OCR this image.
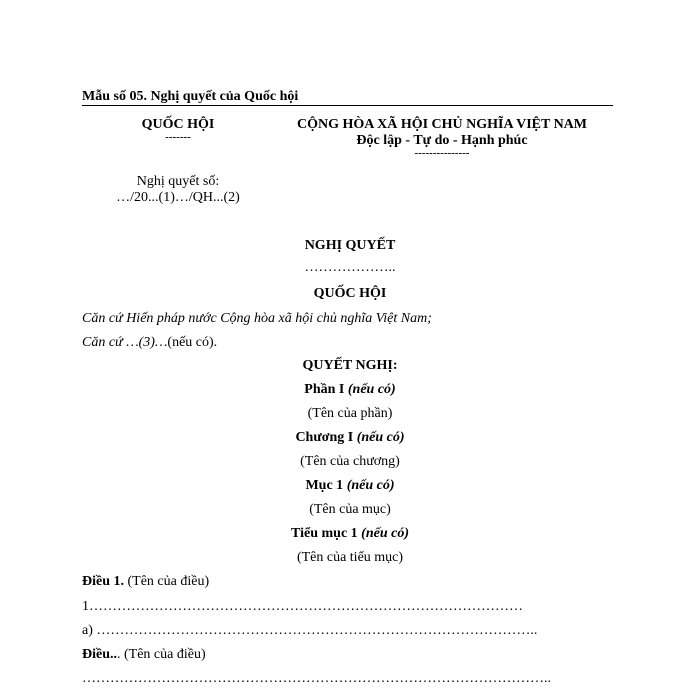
Mẫu số 05. Nghị quyết của Quốc hội
QUỐC HỘI
-------
CỘNG HÒA XÃ HỘI CHỦ NGHĨA VIỆT NAM
Độc lập - Tự do - Hạnh phúc
---------------
Nghị quyết số:
…/20...(1)…/QH...(2)
NGHỊ QUYẾT
………………..
QUỐC HỘI
Căn cứ Hiến pháp nước Cộng hòa xã hội chủ nghĩa Việt Nam;
Căn cứ …(3)…(nếu có).
QUYẾT NGHỊ:
Phần I (nếu có)
(Tên của phần)
Chương I (nếu có)
(Tên của chương)
Mục 1 (nếu có)
(Tên của mục)
Tiểu mục 1 (nếu có)
(Tên của tiểu mục)
Điều 1. (Tên của điều)
1…………………………………………………………………………………
a) …………………………………………………………………………………..
Điều... (Tên của điều)
………………………………………………………………………………………..
